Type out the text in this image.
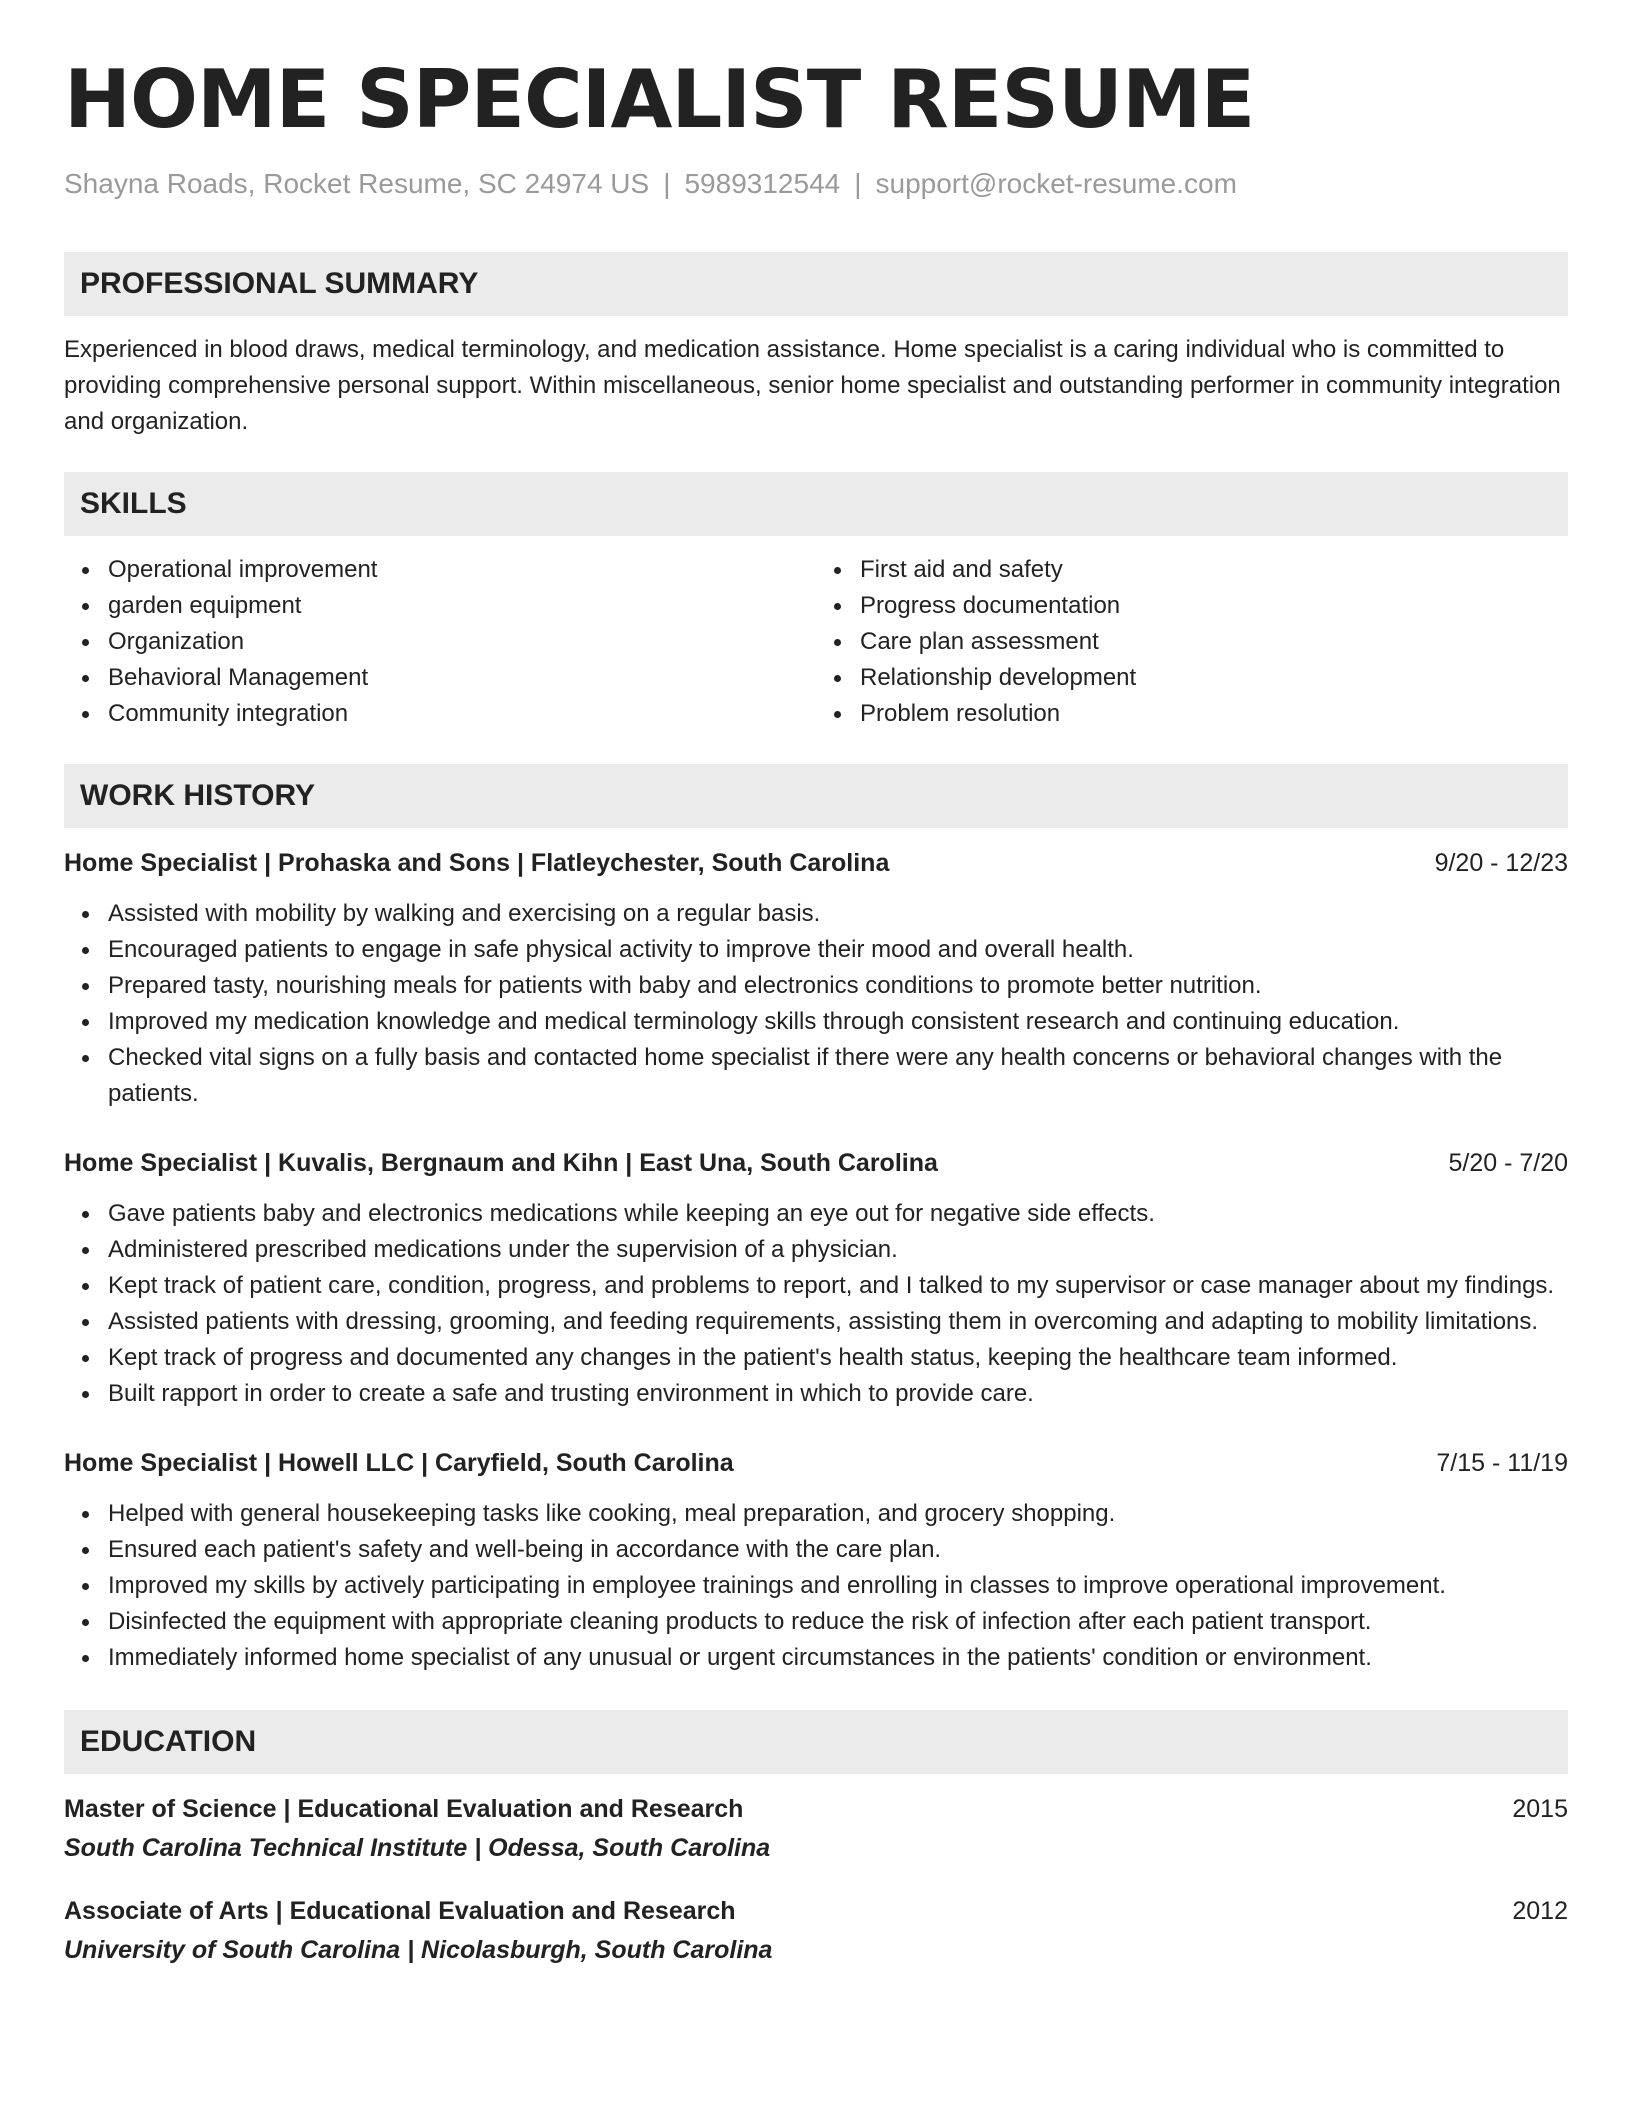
HOME SPECIALIST RESUME
Shayna Roads, Rocket Resume, SC 24974 US | 5989312544 | support@rocket-resume.com
PROFESSIONAL SUMMARY
Experienced in blood draws, medical terminology, and medication assistance. Home specialist is a caring individual who is committed to providing comprehensive personal support. Within miscellaneous, senior home specialist and outstanding performer in community integration and organization.
SKILLS
Operational improvement
garden equipment
Organization
Behavioral Management
Community integration
First aid and safety
Progress documentation
Care plan assessment
Relationship development
Problem resolution
WORK HISTORY
Home Specialist | Prohaska and Sons | Flatleychester, South Carolina	9/20 - 12/23
Assisted with mobility by walking and exercising on a regular basis.
Encouraged patients to engage in safe physical activity to improve their mood and overall health.
Prepared tasty, nourishing meals for patients with baby and electronics conditions to promote better nutrition.
Improved my medication knowledge and medical terminology skills through consistent research and continuing education.
Checked vital signs on a fully basis and contacted home specialist if there were any health concerns or behavioral changes with the patients.
Home Specialist | Kuvalis, Bergnaum and Kihn | East Una, South Carolina	5/20 - 7/20
Gave patients baby and electronics medications while keeping an eye out for negative side effects.
Administered prescribed medications under the supervision of a physician.
Kept track of patient care, condition, progress, and problems to report, and I talked to my supervisor or case manager about my findings.
Assisted patients with dressing, grooming, and feeding requirements, assisting them in overcoming and adapting to mobility limitations.
Kept track of progress and documented any changes in the patient's health status, keeping the healthcare team informed.
Built rapport in order to create a safe and trusting environment in which to provide care.
Home Specialist | Howell LLC | Caryfield, South Carolina	7/15 - 11/19
Helped with general housekeeping tasks like cooking, meal preparation, and grocery shopping.
Ensured each patient's safety and well-being in accordance with the care plan.
Improved my skills by actively participating in employee trainings and enrolling in classes to improve operational improvement.
Disinfected the equipment with appropriate cleaning products to reduce the risk of infection after each patient transport.
Immediately informed home specialist of any unusual or urgent circumstances in the patients' condition or environment.
EDUCATION
Master of Science | Educational Evaluation and Research	2015
South Carolina Technical Institute | Odessa, South Carolina
Associate of Arts | Educational Evaluation and Research	2012
University of South Carolina | Nicolasburgh, South Carolina
